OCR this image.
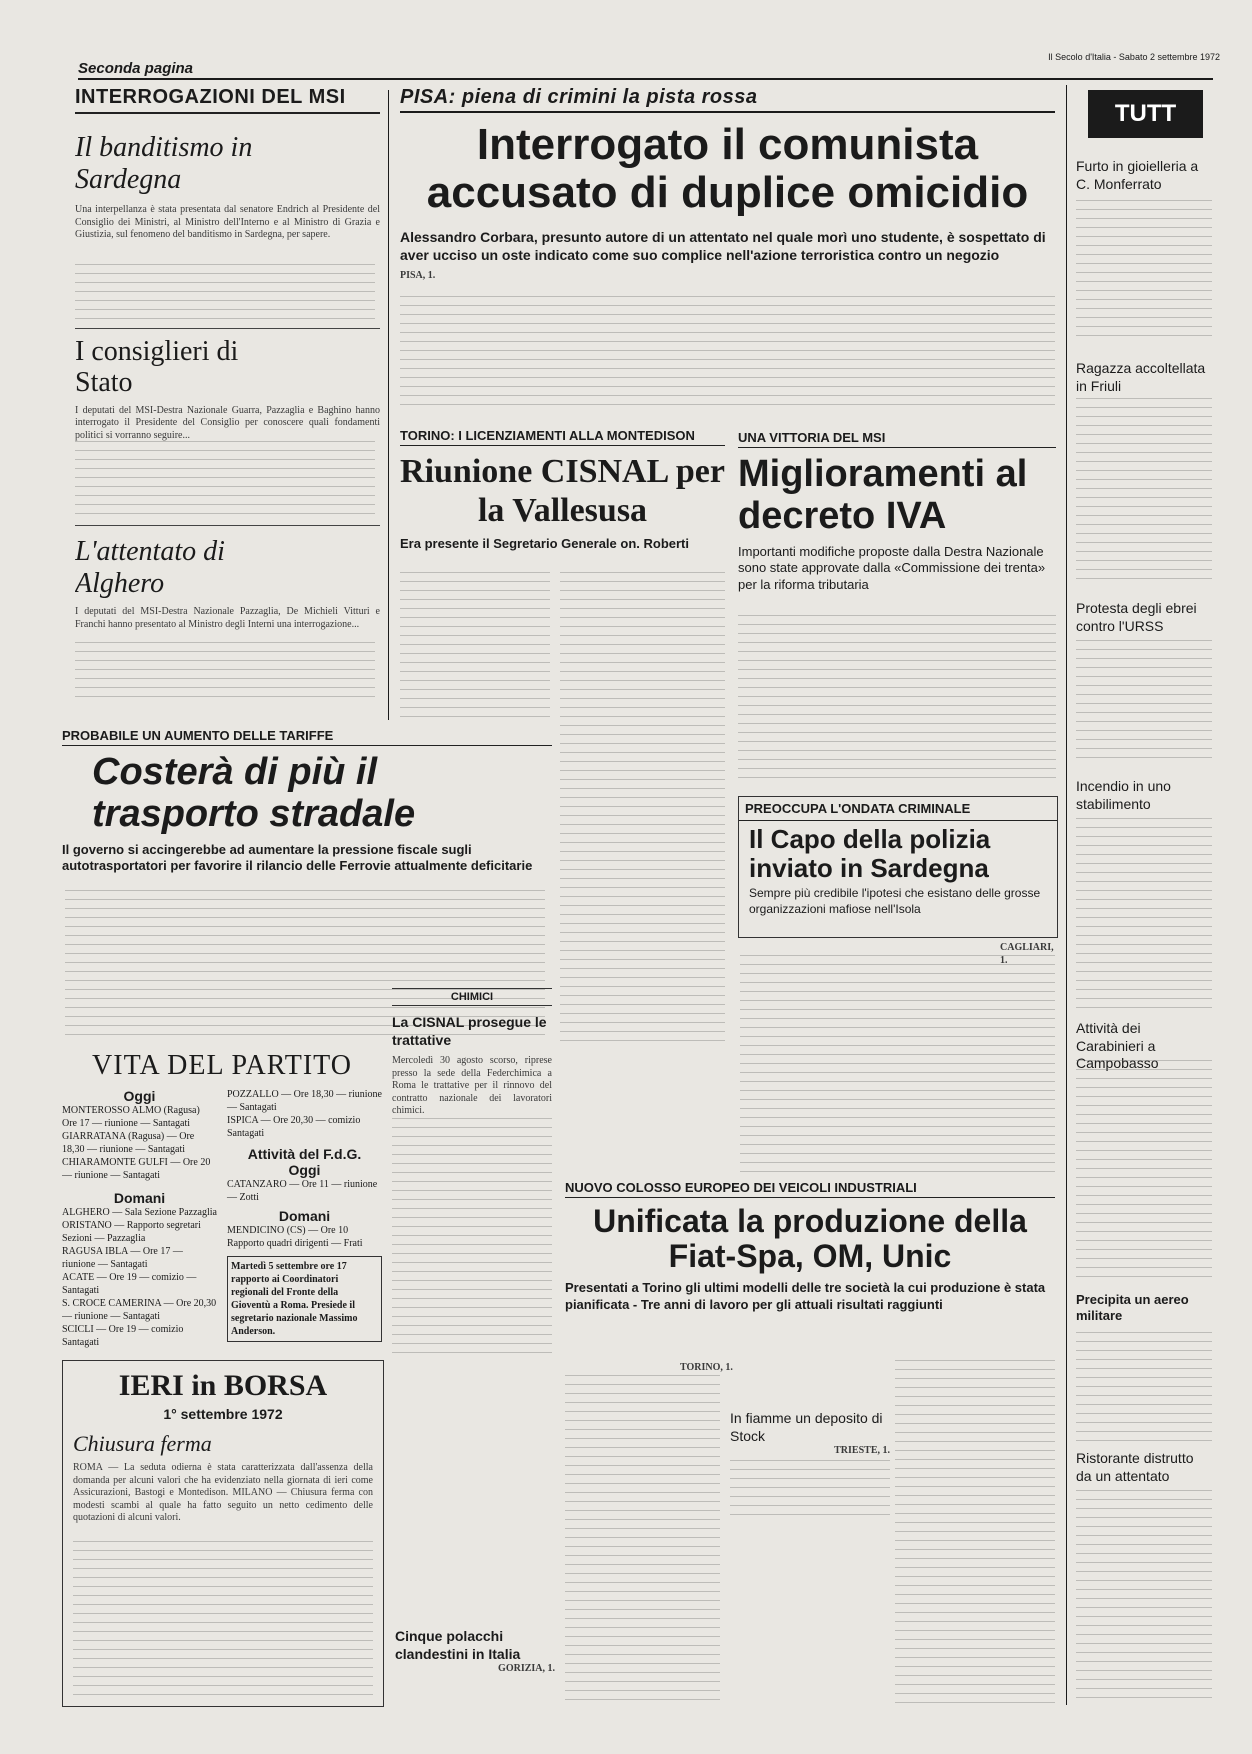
Seconda pagina
Il Secolo d'Italia - Sabato 2 settembre 1972
INTERROGAZIONI DEL MSI
Il banditismo in Sardegna
Una interpellanza è stata presentata dal senatore Endrich al Presidente del Consiglio dei Ministri, al Ministro dell'Interno e al Ministro di Grazia e Giustizia, sul fenomeno del banditismo in Sardegna, per sapere.
I consiglieri di Stato
I deputati del MSI-Destra Nazionale Guarra, Pazzaglia e Baghino hanno interrogato il Presidente del Consiglio per conoscere quali fondamenti politici si vorranno seguire...
L'attentato di Alghero
I deputati del MSI-Destra Nazionale Pazzaglia, De Michieli Vitturi e Franchi hanno presentato al Ministro degli Interni una interrogazione...
PISA: piena di crimini la pista rossa
Interrogato il comunista accusato di duplice omicidio
Alessandro Corbara, presunto autore di un attentato nel quale morì uno studente, è sospettato di aver ucciso un oste indicato come suo complice nell'azione terroristica contro un negozio
PISA, 1.
TORINO: I LICENZIAMENTI ALLA MONTEDISON
Riunione CISNAL per la Vallesusa
Era presente il Segretario Generale on. Roberti
UNA VITTORIA DEL MSI
Miglioramenti al decreto IVA
Importanti modifiche proposte dalla Destra Nazionale sono state approvate dalla «Commissione dei trenta» per la riforma tributaria
PROBABILE UN AUMENTO DELLE TARIFFE
Costerà di più il trasporto stradale
Il governo si accingerebbe ad aumentare la pressione fiscale sugli autotrasportatori per favorire il rilancio delle Ferrovie attualmente deficitarie
PREOCCUPA L'ONDATA CRIMINALE
Il Capo della polizia inviato in Sardegna
Sempre più credibile l'ipotesi che esistano delle grosse organizzazioni mafiose nell'Isola
CAGLIARI, 1.
CHIMICI
La CISNAL prosegue le trattative
Mercoledì 30 agosto scorso, riprese presso la sede della Federchimica a Roma le trattative per il rinnovo del contratto nazionale dei lavoratori chimici.
VITA DEL PARTITO
Oggi
MONTEROSSO ALMO (Ragusa) Ore 17 — riunione — Santagati
GIARRATANA (Ragusa) — Ore 18,30 — riunione — Santagati
CHIARAMONTE GULFI — Ore 20 — riunione — Santagati
Domani
ALGHERO — Sala Sezione Pazzaglia
ORISTANO — Rapporto segretari Sezioni — Pazzaglia
RAGUSA IBLA — Ore 17 — riunione — Santagati
ACATE — Ore 19 — comizio — Santagati
S. CROCE CAMERINA — Ore 20,30 — riunione — Santagati
SCICLI — Ore 19 — comizio Santagati
POZZALLO — Ore 18,30 — riunione — Santagati
ISPICA — Ore 20,30 — comizio Santagati
Attività del F.d.G.
Oggi
CATANZARO — Ore 11 — riunione — Zotti
Domani
MENDICINO (CS) — Ore 10 Rapporto quadri dirigenti — Frati
Martedì 5 settembre ore 17 rapporto ai Coordinatori regionali del Fronte della Gioventù a Roma. Presiede il segretario nazionale Massimo Anderson.
IERI in BORSA
1° settembre 1972
Chiusura ferma
ROMA — La seduta odierna è stata caratterizzata dall'assenza della domanda per alcuni valori che ha evidenziato nella giornata di ieri come Assicurazioni, Bastogi e Montedison. MILANO — Chiusura ferma con modesti scambi al quale ha fatto seguito un netto cedimento delle quotazioni di alcuni valori.
NUOVO COLOSSO EUROPEO DEI VEICOLI INDUSTRIALI
Unificata la produzione della Fiat-Spa, OM, Unic
Presentati a Torino gli ultimi modelli delle tre società la cui produzione è stata pianificata - Tre anni di lavoro per gli attuali risultati raggiunti
TORINO, 1.
In fiamme un deposito di Stock
TRIESTE, 1.
Cinque polacchi clandestini in Italia
GORIZIA, 1.
TUTT
Furto in gioielleria a C. Monferrato
Ragazza accoltellata in Friuli
Protesta degli ebrei contro l'URSS
Incendio in uno stabilimento
Attività dei Carabinieri a Campobasso
Precipita un aereo militare
Ristorante distrutto da un attentato
